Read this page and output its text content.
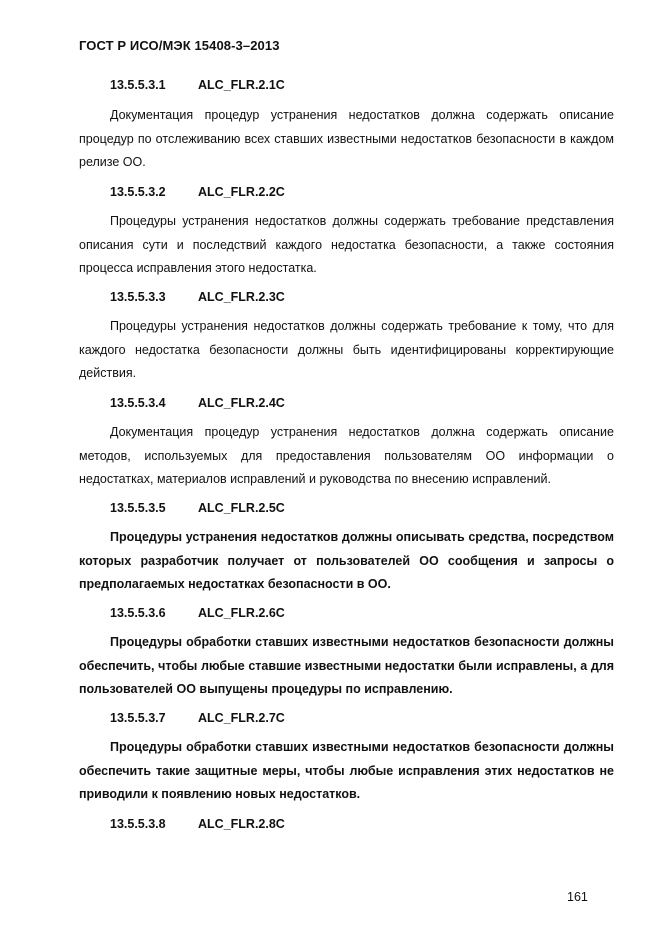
ГОСТ Р ИСО/МЭК 15408-3–2013
13.5.5.3.1	ALC_FLR.2.1C

Документация процедур устранения недостатков должна содержать описание процедур по отслеживанию всех ставших известными недостатков безопасности в каждом релизе ОО.

13.5.5.3.2	ALC_FLR.2.2C

Процедуры устранения недостатков должны содержать требование представления описания сути и последствий каждого недостатка безопасности, а также состояния процесса исправления этого недостатка.

13.5.5.3.3	ALC_FLR.2.3C

Процедуры устранения недостатков должны содержать требование к тому, что для каждого недостатка безопасности должны быть идентифицированы корректирующие действия.

13.5.5.3.4	ALC_FLR.2.4C

Документация процедур устранения недостатков должна содержать описание методов, используемых для предоставления пользователям ОО информации о недостатках, материалов исправлений и руководства по внесению исправлений.

13.5.5.3.5	ALC_FLR.2.5C

Процедуры устранения недостатков должны описывать средства, посредством которых разработчик получает от пользователей ОО сообщения и запросы о предполагаемых недостатках безопасности в ОО.

13.5.5.3.6	ALC_FLR.2.6C

Процедуры обработки ставших известными недостатков безопасности должны обеспечить, чтобы любые ставшие известными недостатки были исправлены, а для пользователей ОО выпущены процедуры по исправлению.

13.5.5.3.7	ALC_FLR.2.7C

Процедуры обработки ставших известными недостатков безопасности должны обеспечить такие защитные меры, чтобы любые исправления этих недостатков не приводили к появлению новых недостатков.

13.5.5.3.8	ALC_FLR.2.8C
161
